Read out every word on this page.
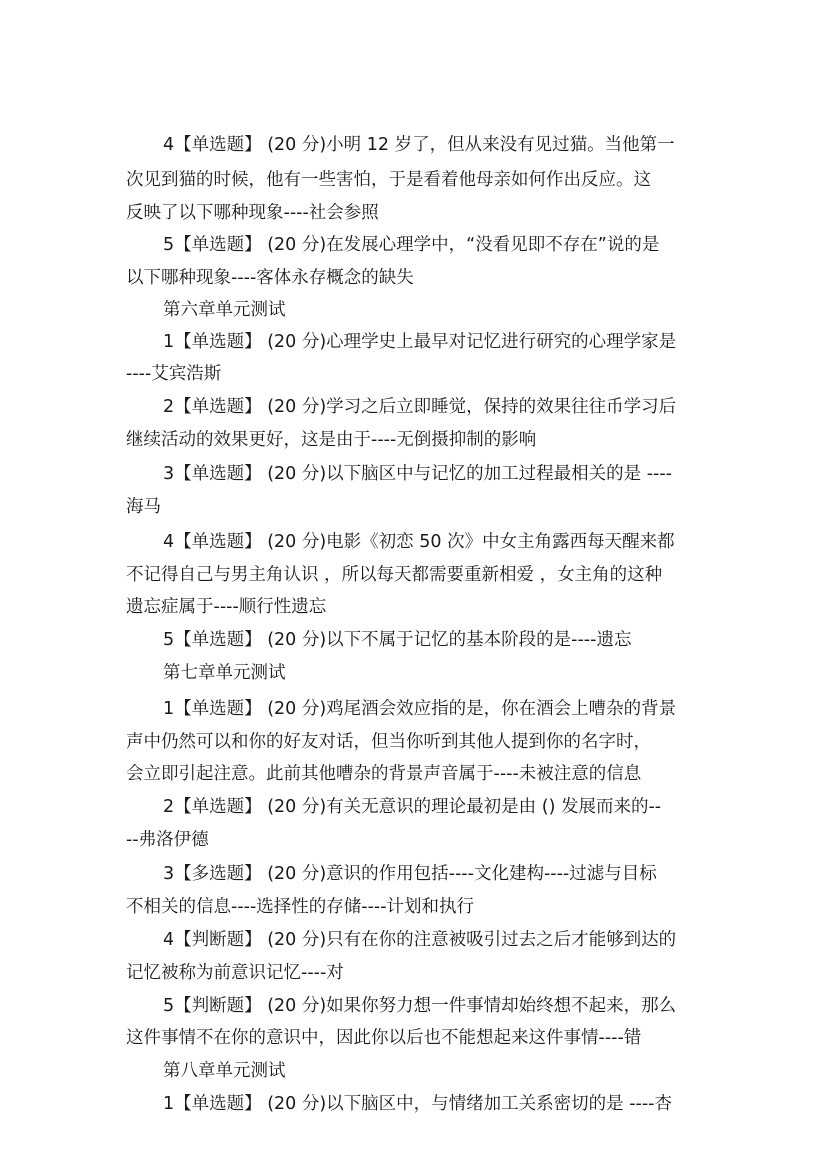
4【单选题】 (20 分)小明 12 岁了，但从来没有见过猫。当他第一
次见到猫的时候，他有一些害怕，于是看着他母亲如何作出反应。这
反映了以下哪种现象----社会参照
5【单选题】 (20 分)在发展心理学中，“没看见即不存在”说的是
以下哪种现象----客体永存概念的缺失
第六章单元测试
1【单选题】 (20 分)心理学史上最早对记忆进行研究的心理学家是
----艾宾浩斯
2【单选题】 (20 分)学习之后立即睡觉，保持的效果往往币学习后
继续活动的效果更好，这是由于----无倒摄抑制的影响
3【单选题】 (20 分)以下脑区中与记忆的加工过程最相关的是 ----
海马
4【单选题】 (20 分)电影《初恋 50 次》中女主角露西每天醒来都
不记得自己与男主角认识 ，所以每天都需要重新相爱 ，女主角的这种
遗忘症属于----顺行性遗忘
5【单选题】 (20 分)以下不属于记忆的基本阶段的是----遗忘
第七章单元测试
1【单选题】 (20 分)鸡尾酒会效应指的是，你在酒会上嘈杂的背景
声中仍然可以和你的好友对话，但当你听到其他人提到你的名字时，
会立即引起注意。此前其他嘈杂的背景声音属于----未被注意的信息
2【单选题】 (20 分)有关无意识的理论最初是由 () 发展而来的--
--弗洛伊德
3【多选题】 (20 分)意识的作用包括----文化建构----过滤与目标
不相关的信息----选择性的存储----计划和执行
4【判断题】 (20 分)只有在你的注意被吸引过去之后才能够到达的
记忆被称为前意识记忆----对
5【判断题】 (20 分)如果你努力想一件事情却始终想不起来，那么
这件事情不在你的意识中，因此你以后也不能想起来这件事情----错
第八章单元测试
1【单选题】 (20 分)以下脑区中，与情绪加工关系密切的是 ----杏
